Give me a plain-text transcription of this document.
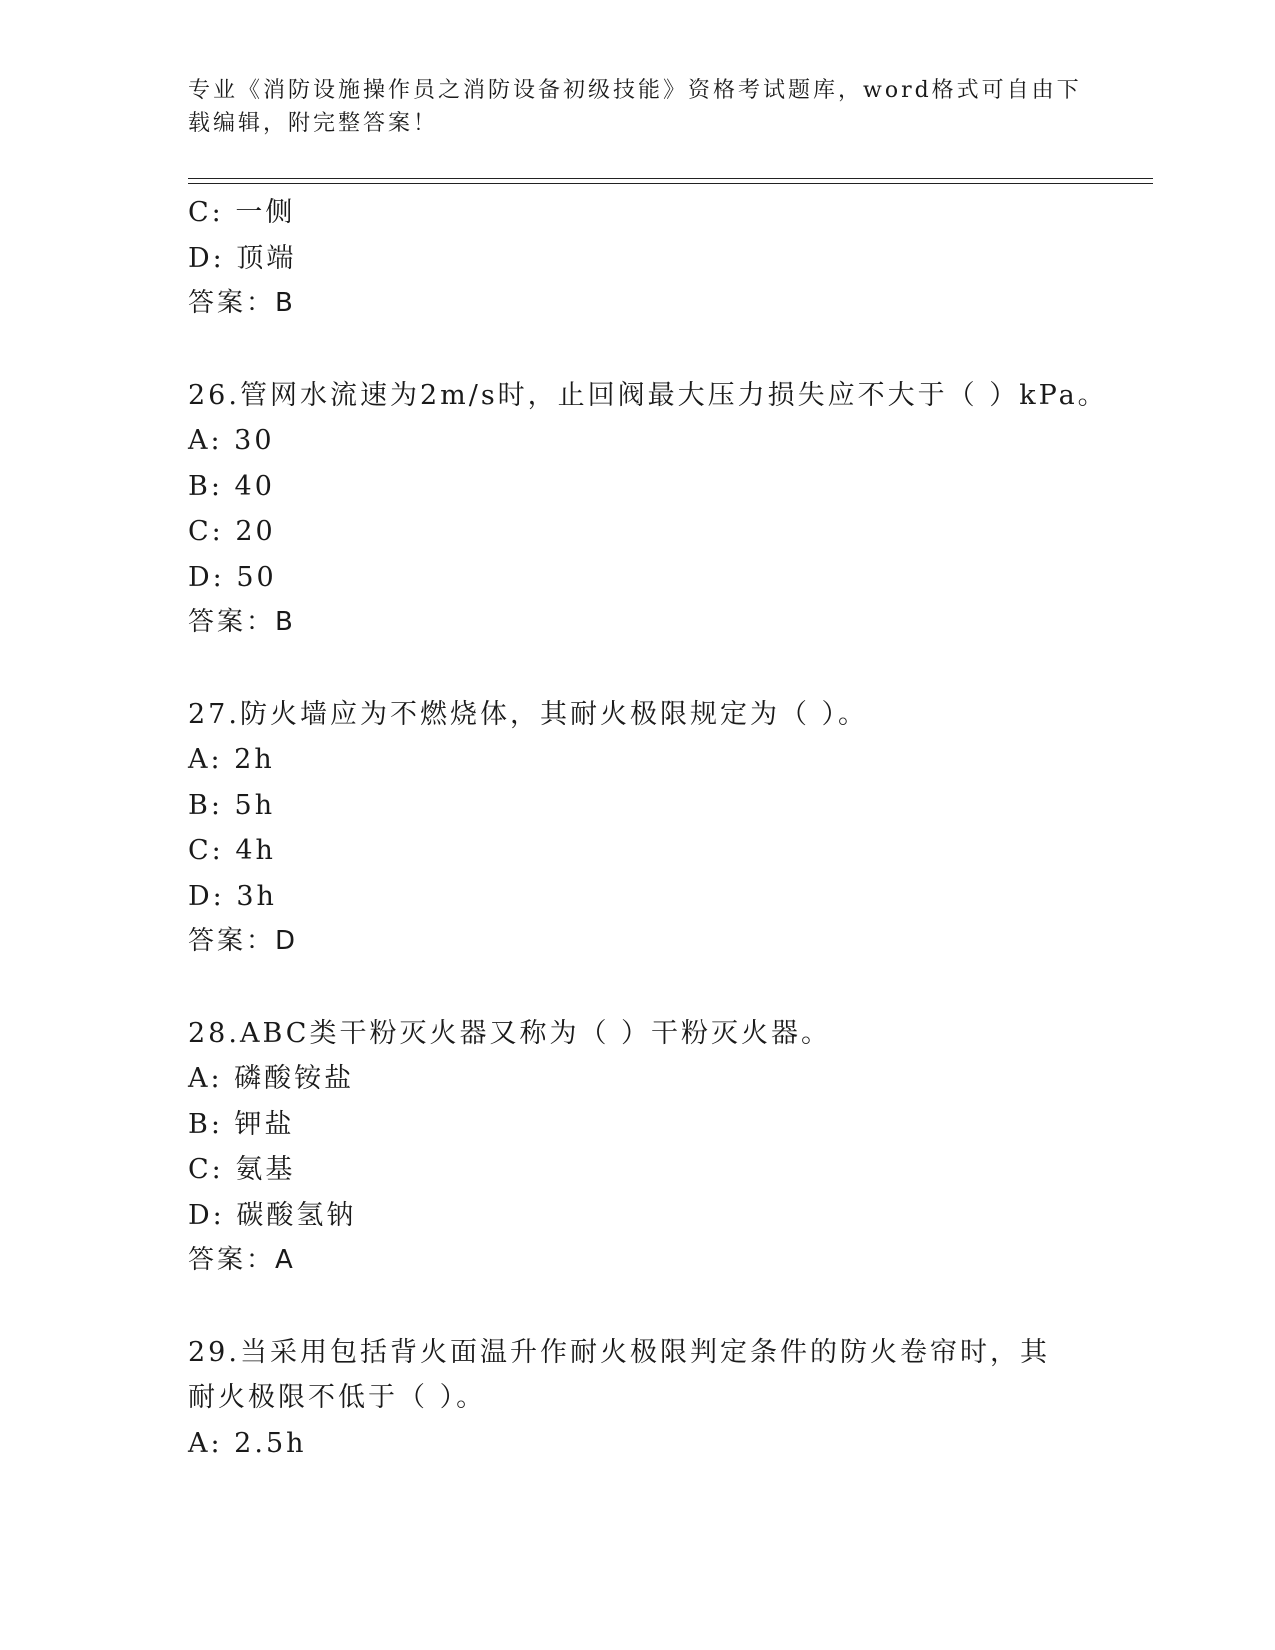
专业《消防设施操作员之消防设备初级技能》资格考试题库，word格式可自由下载编辑，附完整答案！
C: 一侧
D: 顶端
答案：B
26.管网水流速为2m/s时，止回阀最大压力损失应不大于（ ）kPa。
A: 30
B: 40
C: 20
D: 50
答案：B
27.防火墙应为不燃烧体，其耐火极限规定为（ ）。
A: 2h
B: 5h
C: 4h
D: 3h
答案：D
28.ABC类干粉灭火器又称为（ ）干粉灭火器。
A: 磷酸铵盐
B: 钾盐
C: 氨基
D: 碳酸氢钠
答案：A
29.当采用包括背火面温升作耐火极限判定条件的防火卷帘时，其耐火极限不低于（ ）。
A: 2.5h
